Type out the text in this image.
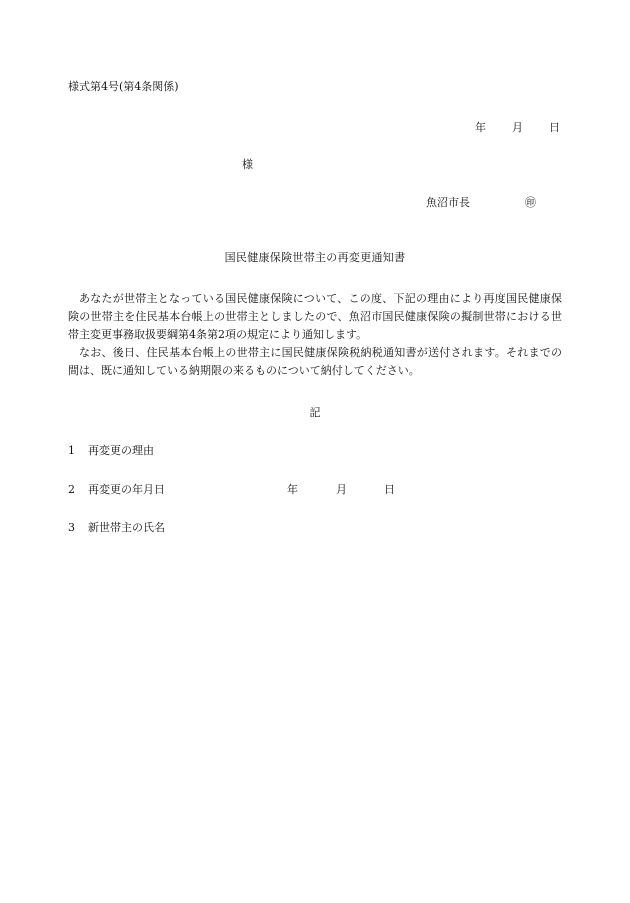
様式第4号(第4条関係)
年 月 日
様
魚沼市長	㊞
国民健康保険世帯主の再変更通知書

あなたが世帯主となっている国民健康保険について、この度、下記の理由により再度国民健康保険の世帯主を住民基本台帳上の世帯主としましたので、魚沼市国民健康保険の擬制世帯における世帯主変更事務取扱要綱第4条第2項の規定により通知します。

なお、後日、住民基本台帳上の世帯主に国民健康保険税納税通知書が送付されます。それまでの間は、既に通知している納期限の来るものについて納付してください。

記
1 再変更の理由
2 再変更の年月日	年	月	日
3 新世帯主の氏名
